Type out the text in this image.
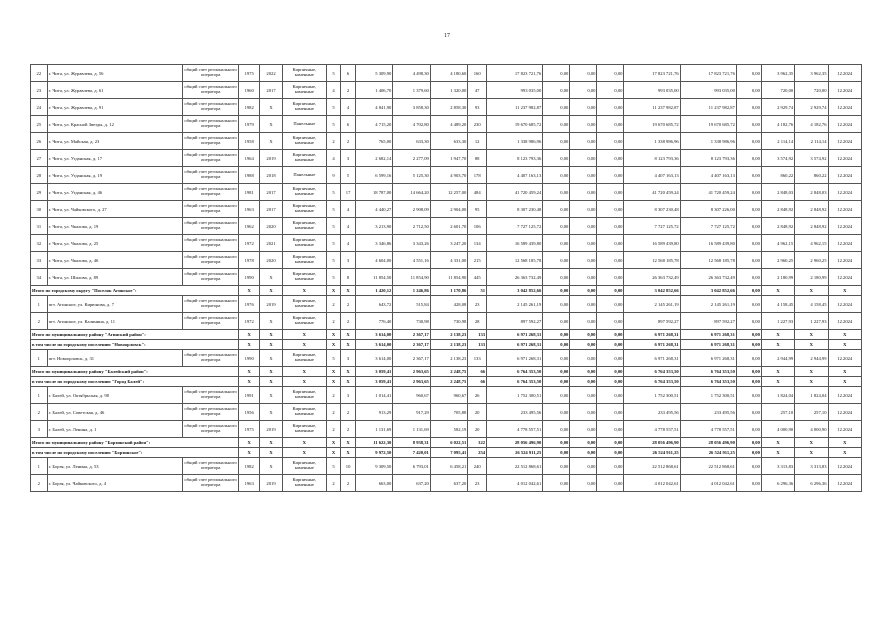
17
22	г. Чита, ул. Журавлева, д. 56	общий счет регионального оператора	1975	2022	Кирпичные, каменные	5	6	5 309,90	4 498,30	4 180,60	160	17 823 721,76	0,00	0,00	0,00	17 823 721,76	17 823 721,76	0,00	3 962,35	3 962,35	12.2024
23	г. Чита, ул. Журавлева, д. 61	общий счет регионального оператора	1960	2017	Кирпичные, каменные	4	2	1 406,70	1 379,60	1 320,00	47	993 035,00	0,00	0,00	0,00	993 035,00	993 035,00	0,00	720,00	720,00	12.2024
24	г. Чита, ул. Журавлева, д. 91	общий счет регионального оператора	1982	Х	Кирпичные, каменные	5	4	4 841,90	3 858,30	2 858,30	93	11 237 982,87	0,00	0,00	0,00	11 237 982,87	11 237 982,87	0,00	2 929,74	2 929,74	12.2024
25	г. Чита, ул. Красной Звезды, д. 12	общий счет регионального оператора	1979	Х	Панельные	5	6	4 715,20	4 702,80	4 489,20	230	19 670 685,72	0,00	0,00	0,00	19 670 685,72	19 670 685,72	0,00	4 182,76	4 182,76	12.2024
26	г. Чита, ул. Майская, д. 23	общий счет регионального оператора	1958	Х	Кирпичные, каменные	2	2	765,00	633,30	633,30	12	1 338 986,96	0,00	0,00	0,00	1 338 986,96	1 338 986,96	0,00	2 114,14	2 114,14	12.2024
27	г. Чита, ул. Угданская, д. 17	общий счет регионального оператора	1964	2019	Кирпичные, каменные	4	3	2 682,14	2 277,09	1 947,70	88	8 123 793,36	0,00	0,00	0,00	8 123 793,36	8 123 793,36	0,00	3 574,92	3 574,92	12.2024
28	г. Чита, ул. Угданская, д. 19	общий счет регионального оператора	1988	2018	Панельные	9	5	6 599,16	5 125,30	4 903,70	178	4 407 163,13	0,00	0,00	0,00	4 407 163,13	4 407 163,13	0,00	860,22	860,22	12.2024
29	г. Чита, ул. Угданская, д. 46	общий счет регионального оператора	1981	2017	Кирпичные, каменные	5	17	18 787,00	14 664,20	12 257,00	484	41 720 459,24	0,00	0,00	0,00	41 720 459,24	41 720 459,24	0,00	2 848,03	2 848,03	12.2024
30	г. Чита, ул. Чайковского, д. 27	общий счет регионального оператора	1963	2017	Кирпичные, каменные	5	4	4 440,27	2 908,09	2 904,00	95	8 307 230,48	0,00	0,00	0,00	8 307 230,48	8 307 226,00	0,00	2 848,92	2 848,92	12.2024
31	г. Чита, ул. Чкалова, д. 19	общий счет регионального оператора	1962	2020	Кирпичные, каменные	5	4	3 213,90	2 712,50	2 601,70	106	7 727 125,72	0,00	0,00	0,00	7 727 125,72	7 727 125,72	0,00	2 848,92	2 848,92	12.2024
32	г. Чита, ул. Чкалова, д. 25	общий счет регионального оператора	1972	2021	Кирпичные, каменные	5	4	3 346,86	3 343,26	3 247,20	134	16 589 439,80	0,00	0,00	0,00	16 589 439,80	16 589 439,80	0,00	4 962,15	4 962,15	12.2024
33	г. Чита, ул. Чкалова, д. 46	общий счет регионального оператора	1978	2020	Кирпичные, каменные	5	3	4 604,00	4 551,16	4 331,00	215	12 568 185,78	0,00	0,00	0,00	12 568 185,78	12 568 185,78	0,00	2 960,25	2 960,25	12.2024
34	г. Чита, ул. Шилова, д. 89	общий счет регионального оператора	1990	Х	Кирпичные, каменные	5	8	11 854,50	11 854,90	11 854,90	445	26 363 732,49	0,00	0,00	0,00	26 363 732,49	26 363 732,49	0,00	2 180,99	2 180,99	12.2024
Итого по городскому округу "Поселок Агинское":			Х	Х	Х	Х	Х	1 420,12	1 246,86	1 170,86	51	3 042 852,66	0,00	0,00	0,00	3 042 852,66	3 042 852,66	0,00	Х	Х	Х
1	пгт. Агинское, ул. Кирюнова, д. 7	общий счет регионального оператора	1976	2019	Кирпичные, каменные	2	2	643,72	515,84	428,08	23	2 145 261,19	0,00	0,00	0,00	2 145 261,19	2 145 261,19	0,00	4 158,45	4 158,45	12.2024
2	пгт. Агинское, ул. Калинина, д. 11	общий счет регионального оператора	1972	Х	Кирпичные, каменные	2	2	776,40	730,98	730,98	28	897 592,27	0,00	0,00	0,00	897 592,27	897 592,27	0,00	1 227,93	1 227,93	12.2024
Итого по муниципальному району "Агинский район":			Х	Х	Х	Х	Х	3 614,00	2 367,17	2 138,23	133	6 971 268,31	0,00	0,00	0,00	6 971 268,31	6 971 268,31	0,00	Х	Х	Х
в том числе по городскому поселению "Новоорловск":			Х	Х	Х	Х	Х	3 614,00	2 367,17	2 138,23	133	6 971 268,31	0,00	0,00	0,00	6 971 268,31	6 971 268,31	0,00	Х	Х	Х
1	пгт. Новоорловск, д. 31	общий счет регионального оператора	1990	Х	Кирпичные, каменные	5	3	3 614,00	2 367,17	2 138,23	133	6 971 268,31	0,00	0,00	0,00	6 971 268,31	6 971 268,31	0,00	2 944,99	2 944,99	12.2024
Итого по муниципальному району "Балейский район":			Х	Х	Х	Х	Х	3 059,41	2 963,65	2 248,75	66	6 764 353,50	0,00	0,00	0,00	6 764 353,50	6 764 353,50	0,00	Х	Х	Х
в том числе по городскому поселению "Город Балей":			Х	Х	Х	Х	Х	3 059,41	2 963,65	2 248,75	66	6 764 353,50	0,00	0,00	0,00	6 764 353,50	6 764 353,50	0,00	Х	Х	Х
1	г. Балей, ул. Октябрьская, д. 98	общий счет регионального оператора	1991	Х	Кирпичные, каменные	2	3	1 014,41	960,67	960,67	26	1 752 300,51	0,00	0,00	0,00	1 752 300,51	1 752 300,51	0,00	1 824,04	1 824,04	12.2024
2	г. Балей, ул. Советская, д. 46	общий счет регионального оператора	1956	Х	Кирпичные, каменные	2	2	913,29	917,29	705,88	20	233 495,56	0,00	0,00	0,00	233 495,56	233 495,56	0,00	257,10	257,10	12.2024
3	г. Балей, ул. Ленина, д. 1	общий счет регионального оператора	1975	2019	Кирпичные, каменные	2	2	1 131,69	1 131,69	582,19	20	4 778 557,51	0,00	0,00	0,00	4 778 557,51	4 778 557,51	0,00	4 000,90	4 000,90	12.2024
Итого по муниципальному району "Борзинский район":			Х	Х	Х	Х	Х	11 622,30	8 938,31	6 022,51	322	28 056 496,90	0,00	0,00	0,00	28 056 496,90	28 056 496,90	0,00	Х	Х	Х
в том числе по городскому поселению "Борзинское":			Х	Х	Х	Х	Х	9 972,50	7 420,01	7 095,41	254	26 524 911,25	0,00	0,00	0,00	26 524 911,25	26 524 911,25	0,00	Х	Х	Х
1	г. Борзя, ул. Ленина, д. 53	общий счет регионального оператора	1982	Х	Кирпичные, каменные	5	10	9 309,50	6 793,01	6 458,21	240	22 512 868,61	0,00	0,00	0,00	22 512 868,61	22 512 868,61	0,00	3 313,83	3 313,83	12.2024
2	г. Борзя, ул. Чайковского, д. 4	общий счет регионального оператора	1963	2019	Кирпичные, каменные	2	2	663,00	637,20	637,20	23	4 012 042,61	0,00	0,00	0,00	4 012 042,61	4 012 042,61	0,00	6 296,36	6 296,36	12.2024
